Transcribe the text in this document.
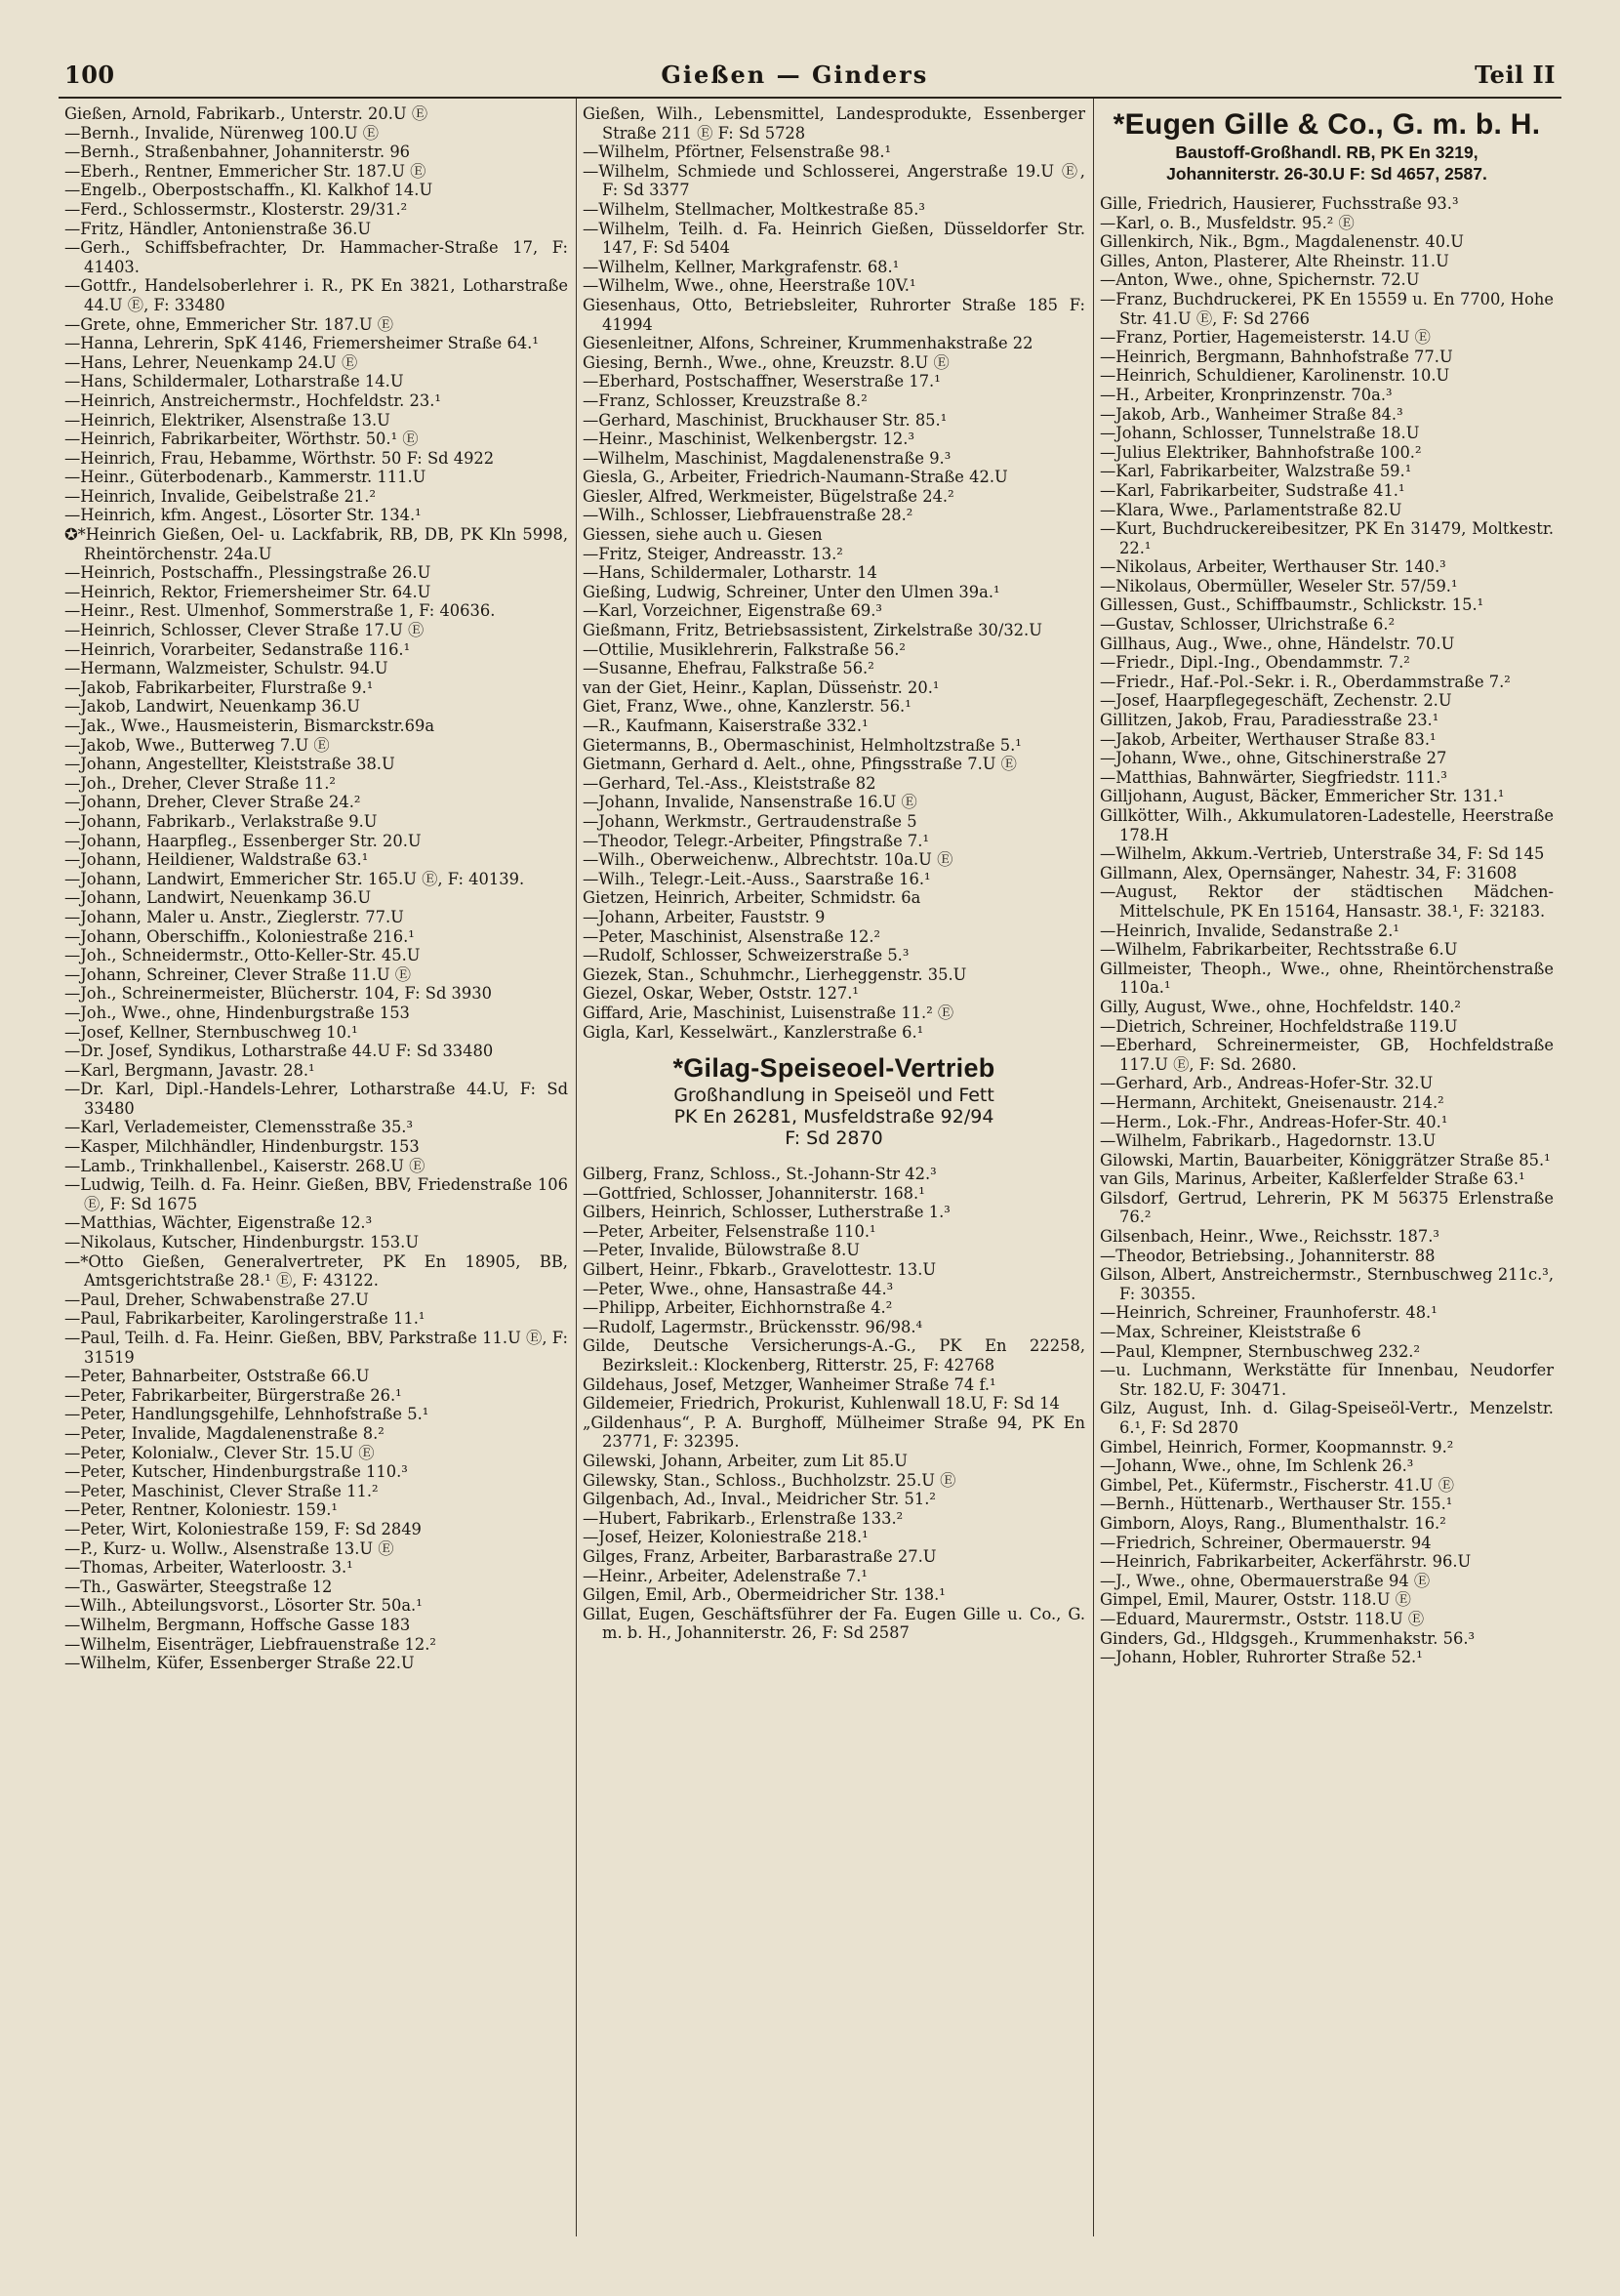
100	Gießen — Ginders	Teil II
Gießen, Arnold, Fabrikarb., Unterstr. 20.U Ⓔ
—Bernh., Invalide, Nürenweg 100.U Ⓔ
—Bernh., Straßenbahner, Johanniterstr. 96
—Eberh., Rentner, Emmericher Str. 187.U Ⓔ
—Engelb., Oberpostschaffn., Kl. Kalkhof 14.U
—Ferd., Schlossermstr., Klosterstr. 29/31.²
—Fritz, Händler, Antonienstraße 36.U
—Gerh., Schiffsbefrachter, Dr. Hammacher-Straße 17, F: 41403.
—Gottfr., Handelsoberlehrer i. R., PK En 3821, Lotharstraße 44.U Ⓔ, F: 33480
—Grete, ohne, Emmericher Str. 187.U Ⓔ
—Hanna, Lehrerin, SpK 4146, Friemersheimer Straße 64.¹
—Hans, Lehrer, Neuenkamp 24.U Ⓔ
—Hans, Schildermaler, Lotharstraße 14.U
—Heinrich, Anstreichermstr., Hochfeldstr. 23.¹
—Heinrich, Elektriker, Alsenstraße 13.U
—Heinrich, Fabrikarbeiter, Wörthstr. 50.¹ Ⓔ
—Heinrich, Frau, Hebamme, Wörthstr. 50 F: Sd 4922
—Heinr., Güterbodenarb., Kammerstr. 111.U
—Heinrich, Invalide, Geibelstraße 21.²
—Heinrich, kfm. Angest., Lösorter Str. 134.¹
✪*Heinrich Gießen, Oel- u. Lackfabrik, RB, DB, PK Kln 5998, Rheintörchenstr. 24a.U
—Heinrich, Postschaffn., Plessingstraße 26.U
—Heinrich, Rektor, Friemersheimer Str. 64.U
—Heinr., Rest. Ulmenhof, Sommerstraße 1, F: 40636.
—Heinrich, Schlosser, Clever Straße 17.U Ⓔ
—Heinrich, Vorarbeiter, Sedanstraße 116.¹
—Hermann, Walzmeister, Schulstr. 94.U
—Jakob, Fabrikarbeiter, Flurstraße 9.¹
—Jakob, Landwirt, Neuenkamp 36.U
—Jak., Wwe., Hausmeisterin, Bismarckstr.69a
—Jakob, Wwe., Butterweg 7.U Ⓔ
—Johann, Angestellter, Kleiststraße 38.U
—Joh., Dreher, Clever Straße 11.²
—Johann, Dreher, Clever Straße 24.²
—Johann, Fabrikarb., Verlakstraße 9.U
—Johann, Haarpfleg., Essenberger Str. 20.U
—Johann, Heildiener, Waldstraße 63.¹
—Johann, Landwirt, Emmericher Str. 165.U Ⓔ, F: 40139.
—Johann, Landwirt, Neuenkamp 36.U
—Johann, Maler u. Anstr., Zieglerstr. 77.U
—Johann, Oberschiffn., Koloniestraße 216.¹
—Joh., Schneidermstr., Otto-Keller-Str. 45.U
—Johann, Schreiner, Clever Straße 11.U Ⓔ
—Joh., Schreinermeister, Blücherstr. 104, F: Sd 3930
—Joh., Wwe., ohne, Hindenburgstraße 153
—Josef, Kellner, Sternbuschweg 10.¹
—Dr. Josef, Syndikus, Lotharstraße 44.U F: Sd 33480
—Karl, Bergmann, Javastr. 28.¹
—Dr. Karl, Dipl.-Handels-Lehrer, Lotharstraße 44.U, F: Sd 33480
—Karl, Verlademeister, Clemensstraße 35.³
—Kasper, Milchhändler, Hindenburgstr. 153
—Lamb., Trinkhallenbel., Kaiserstr. 268.U Ⓔ
—Ludwig, Teilh. d. Fa. Heinr. Gießen, BBV, Friedenstraße 106 Ⓔ, F: Sd 1675
—Matthias, Wächter, Eigenstraße 12.³
—Nikolaus, Kutscher, Hindenburgstr. 153.U
—*Otto Gießen, Generalvertreter, PK En 18905, BB, Amtsgerichtstraße 28.¹ Ⓔ, F: 43122.
—Paul, Dreher, Schwabenstraße 27.U
—Paul, Fabrikarbeiter, Karolingerstraße 11.¹
—Paul, Teilh. d. Fa. Heinr. Gießen, BBV, Parkstraße 11.U Ⓔ, F: 31519
—Peter, Bahnarbeiter, Oststraße 66.U
—Peter, Fabrikarbeiter, Bürgerstraße 26.¹
—Peter, Handlungsgehilfe, Lehnhofstraße 5.¹
—Peter, Invalide, Magdalenenstraße 8.²
—Peter, Kolonialw., Clever Str. 15.U Ⓔ
—Peter, Kutscher, Hindenburgstraße 110.³
—Peter, Maschinist, Clever Straße 11.²
—Peter, Rentner, Koloniestr. 159.¹
—Peter, Wirt, Koloniestraße 159, F: Sd 2849
—P., Kurz- u. Wollw., Alsenstraße 13.U Ⓔ
—Thomas, Arbeiter, Waterloostr. 3.¹
—Th., Gaswärter, Steegstraße 12
—Wilh., Abteilungsvorst., Lösorter Str. 50a.¹
—Wilhelm, Bergmann, Hoffsche Gasse 183
—Wilhelm, Eisenträger, Liebfrauenstraße 12.²
—Wilhelm, Küfer, Essenberger Straße 22.U
Gießen, Wilh., Lebensmittel, Landesprodukte, Essenberger Straße 211 Ⓔ F: Sd 5728
—Wilhelm, Pförtner, Felsenstraße 98.¹
—Wilhelm, Schmiede und Schlosserei, Angerstraße 19.U Ⓔ, F: Sd 3377
—Wilhelm, Stellmacher, Moltkestraße 85.³
—Wilhelm, Teilh. d. Fa. Heinrich Gießen, Düsseldorfer Str. 147, F: Sd 5404
—Wilhelm, Kellner, Markgrafenstr. 68.¹
—Wilhelm, Wwe., ohne, Heerstraße 10V.¹
Giesenhaus, Otto, Betriebsleiter, Ruhrorter Straße 185 F: 41994
Giesenleitner, Alfons, Schreiner, Krummenhakstraße 22
Giesing, Bernh., Wwe., ohne, Kreuzstr. 8.U Ⓔ
—Eberhard, Postschaffner, Weserstraße 17.¹
—Franz, Schlosser, Kreuzstraße 8.²
—Gerhard, Maschinist, Bruckhauser Str. 85.¹
—Heinr., Maschinist, Welkenbergstr. 12.³
—Wilhelm, Maschinist, Magdalenenstraße 9.³
Giesla, G., Arbeiter, Friedrich-Naumann-Straße 42.U
Giesler, Alfred, Werkmeister, Bügelstraße 24.²
—Wilh., Schlosser, Liebfrauenstraße 28.²
Giessen, siehe auch u. Giesen
—Fritz, Steiger, Andreasstr. 13.²
—Hans, Schildermaler, Lotharstr. 14
Gießing, Ludwig, Schreiner, Unter den Ulmen 39a.¹
—Karl, Vorzeichner, Eigenstraße 69.³
Gießmann, Fritz, Betriebsassistent, Zirkelstraße 30/32.U
—Ottilie, Musiklehrerin, Falkstraße 56.²
—Susanne, Ehefrau, Falkstraße 56.²
van der Giet, Heinr., Kaplan, Düsseṅstr. 20.¹
Giet, Franz, Wwe., ohne, Kanzlerstr. 56.¹
—R., Kaufmann, Kaiserstraße 332.¹
Gietermanns, B., Obermaschinist, Helmholtzstraße 5.¹
Gietmann, Gerhard d. Aelt., ohne, Pfingsstraße 7.U Ⓔ
—Gerhard, Tel.-Ass., Kleiststraße 82
—Johann, Invalide, Nansenstraße 16.U Ⓔ
—Johann, Werkmstr., Gertraudenstraße 5
—Theodor, Telegr.-Arbeiter, Pfingstraße 7.¹
—Wilh., Oberweichenw., Albrechtstr. 10a.U Ⓔ
—Wilh., Telegr.-Leit.-Auss., Saarstraße 16.¹
Gietzen, Heinrich, Arbeiter, Schmidstr. 6a
—Johann, Arbeiter, Fauststr. 9
—Peter, Maschinist, Alsenstraße 12.²
—Rudolf, Schlosser, Schweizerstraße 5.³
Giezek, Stan., Schuhmchr., Lierheggenstr. 35.U
Giezel, Oskar, Weber, Oststr. 127.¹
Giffard, Arie, Maschinist, Luisenstraße 11.² Ⓔ
Gigla, Karl, Kesselwärt., Kanzlerstraße 6.¹
*Gilag-Speiseoel-Vertrieb
Großhandlung in Speiseöl und Fett
PK En 26281, Musfeldstraße 92/94
F: Sd 2870
Gilberg, Franz, Schloss., St.-Johann-Str 42.³
—Gottfried, Schlosser, Johanniterstr. 168.¹
Gilbers, Heinrich, Schlosser, Lutherstraße 1.³
—Peter, Arbeiter, Felsenstraße 110.¹
—Peter, Invalide, Bülowstraße 8.U
Gilbert, Heinr., Fbkarb., Gravelottestr. 13.U
—Peter, Wwe., ohne, Hansastraße 44.³
—Philipp, Arbeiter, Eichhornstraße 4.²
—Rudolf, Lagermstr., Brückensstr. 96/98.⁴
Gilde, Deutsche Versicherungs-A.-G., PK En 22258, Bezirksleit.: Klockenberg, Ritterstr. 25, F: 42768
Gildehaus, Josef, Metzger, Wanheimer Straße 74 f.¹
Gildemeier, Friedrich, Prokurist, Kuhlenwall 18.U, F: Sd 14
„Gildenhaus“, P. A. Burghoff, Mülheimer Straße 94, PK En 23771, F: 32395.
Gilewski, Johann, Arbeiter, zum Lit 85.U
Gilewsky, Stan., Schloss., Buchholzstr. 25.U Ⓔ
Gilgenbach, Ad., Inval., Meidricher Str. 51.²
—Hubert, Fabrikarb., Erlenstraße 133.²
—Josef, Heizer, Koloniestraße 218.¹
Gilges, Franz, Arbeiter, Barbarastraße 27.U
—Heinr., Arbeiter, Adelenstraße 7.¹
Gilgen, Emil, Arb., Obermeidricher Str. 138.¹
Gillat, Eugen, Geschäftsführer der Fa. Eugen Gille u. Co., G. m. b. H., Johanniterstr. 26, F: Sd 2587
*Eugen Gille & Co., G. m. b. H.
Baustoff-Großhandl. RB, PK En 3219,
Johanniterstr. 26-30.U F: Sd 4657, 2587.
Gille, Friedrich, Hausierer, Fuchsstraße 93.³
—Karl, o. B., Musfeldstr. 95.² Ⓔ
Gillenkirch, Nik., Bgm., Magdalenenstr. 40.U
Gilles, Anton, Plasterer, Alte Rheinstr. 11.U
—Anton, Wwe., ohne, Spichernstr. 72.U
—Franz, Buchdruckerei, PK En 15559 u. En 7700, Hohe Str. 41.U Ⓔ, F: Sd 2766
—Franz, Portier, Hagemeisterstr. 14.U Ⓔ
—Heinrich, Bergmann, Bahnhofstraße 77.U
—Heinrich, Schuldiener, Karolinenstr. 10.U
—H., Arbeiter, Kronprinzenstr. 70a.³
—Jakob, Arb., Wanheimer Straße 84.³
—Johann, Schlosser, Tunnelstraße 18.U
—Julius Elektriker, Bahnhofstraße 100.²
—Karl, Fabrikarbeiter, Walzstraße 59.¹
—Karl, Fabrikarbeiter, Sudstraße 41.¹
—Klara, Wwe., Parlamentstraße 82.U
—Kurt, Buchdruckereibesitzer, PK En 31479, Moltkestr. 22.¹
—Nikolaus, Arbeiter, Werthauser Str. 140.³
—Nikolaus, Obermüller, Weseler Str. 57/59.¹
Gillessen, Gust., Schiffbaumstr., Schlickstr. 15.¹
—Gustav, Schlosser, Ulrichstraße 6.²
Gillhaus, Aug., Wwe., ohne, Händelstr. 70.U
—Friedr., Dipl.-Ing., Obendammstr. 7.²
—Friedr., Haf.-Pol.-Sekr. i. R., Oberdammstraße 7.²
—Josef, Haarpflegegeschäft, Zechenstr. 2.U
Gillitzen, Jakob, Frau, Paradiesstraße 23.¹
—Jakob, Arbeiter, Werthauser Straße 83.¹
—Johann, Wwe., ohne, Gitschinerstraße 27
—Matthias, Bahnwärter, Siegfriedstr. 111.³
Gilljohann, August, Bäcker, Emmericher Str. 131.¹
Gillkötter, Wilh., Akkumulatoren-Ladestelle, Heerstraße 178.H
—Wilhelm, Akkum.-Vertrieb, Unterstraße 34, F: Sd 145
Gillmann, Alex, Opernsänger, Nahestr. 34, F: 31608
—August, Rektor der städtischen Mädchen-Mittelschule, PK En 15164, Hansastr. 38.¹, F: 32183.
—Heinrich, Invalide, Sedanstraße 2.¹
—Wilhelm, Fabrikarbeiter, Rechtsstraße 6.U
Gillmeister, Theoph., Wwe., ohne, Rheintörchenstraße 110a.¹
Gilly, August, Wwe., ohne, Hochfeldstr. 140.²
—Dietrich, Schreiner, Hochfeldstraße 119.U
—Eberhard, Schreinermeister, GB, Hochfeldstraße 117.U Ⓔ, F: Sd. 2680.
—Gerhard, Arb., Andreas-Hofer-Str. 32.U
—Hermann, Architekt, Gneisenaustr. 214.²
—Herm., Lok.-Fhr., Andreas-Hofer-Str. 40.¹
—Wilhelm, Fabrikarb., Hagedornstr. 13.U
Gilowski, Martin, Bauarbeiter, Königgrätzer Straße 85.¹
van Gils, Marinus, Arbeiter, Kaßlerfelder Straße 63.¹
Gilsdorf, Gertrud, Lehrerin, PK M 56375 Erlenstraße 76.²
Gilsenbach, Heinr., Wwe., Reichsstr. 187.³
—Theodor, Betriebsing., Johanniterstr. 88
Gilson, Albert, Anstreichermstr., Sternbuschweg 211c.³, F: 30355.
—Heinrich, Schreiner, Fraunhoferstr. 48.¹
—Max, Schreiner, Kleiststraße 6
—Paul, Klempner, Sternbuschweg 232.²
—u. Luchmann, Werkstätte für Innenbau, Neudorfer Str. 182.U, F: 30471.
Gilz, August, Inh. d. Gilag-Speiseöl-Vertr., Menzelstr. 6.¹, F: Sd 2870
Gimbel, Heinrich, Former, Koopmannstr. 9.²
—Johann, Wwe., ohne, Im Schlenk 26.³
Gimbel, Pet., Küfermstr., Fischerstr. 41.U Ⓔ
—Bernh., Hüttenarb., Werthauser Str. 155.¹
Gimborn, Aloys, Rang., Blumenthalstr. 16.²
—Friedrich, Schreiner, Obermauerstr. 94
—Heinrich, Fabrikarbeiter, Ackerfährstr. 96.U
—J., Wwe., ohne, Obermauerstraße 94 Ⓔ
Gimpel, Emil, Maurer, Oststr. 118.U Ⓔ
—Eduard, Maurermstr., Oststr. 118.U Ⓔ
Ginders, Gd., Hldgsgeh., Krummenhakstr. 56.³
—Johann, Hobler, Ruhrorter Straße 52.¹
